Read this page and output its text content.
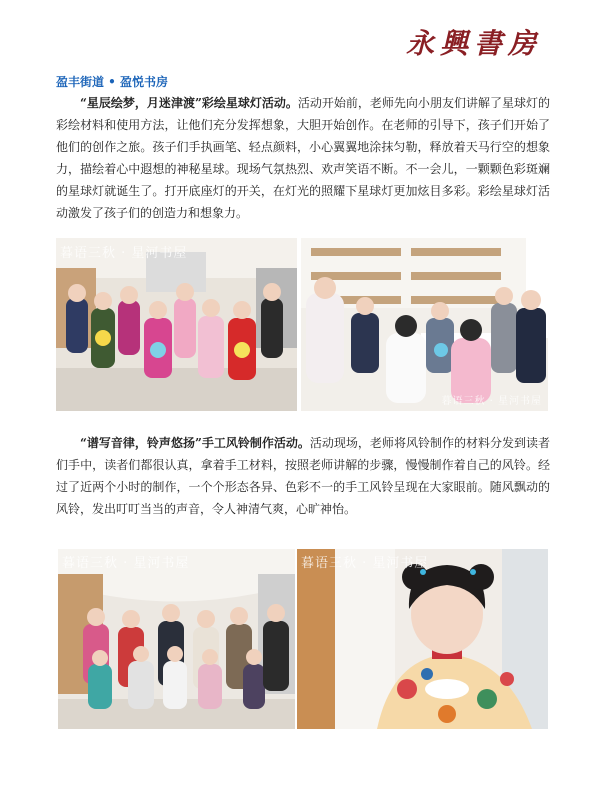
永興書房
盈丰街道 • 盈悦书房

“星辰绘梦，月迷津渡”彩绘星球灯活动。活动开始前，老师先向小朋友们讲解了星球灯的彩绘材料和使用方法，让他们充分发挥想象，大胆开始创作。在老师的引导下，孩子们开始了他们的创作之旅。孩子们手执画笔、轻点颜料，小心翼翼地涂抹匀勒，释放着天马行空的想象力，描绘着心中遐想的神秘星球。现场气氛热烈、欢声笑语不断。不一会儿，一颗颗色彩斑斓的星球灯就诞生了。打开底座灯的开关，在灯光的照耀下星球灯更加炫目多彩。彩绘星球灯活动激发了孩子们的创造力和想象力。

暮语三秋 · 星河书屋
暮语三秋 · 星河书屋

“谱写音律，铃声悠扬”手工风铃制作活动。活动现场，老师将风铃制作的材料分发到读者们手中，读者们都很认真，拿着手工材料，按照老师讲解的步骤，慢慢制作着自己的风铃。经过了近两个小时的制作，一个个形态各异、色彩不一的手工风铃呈现在大家眼前。随风飘动的风铃，发出叮叮当当的声音，令人神清气爽，心旷神怡。

暮语三秋 · 星河书屋	暮语三秋 · 星河书屋
